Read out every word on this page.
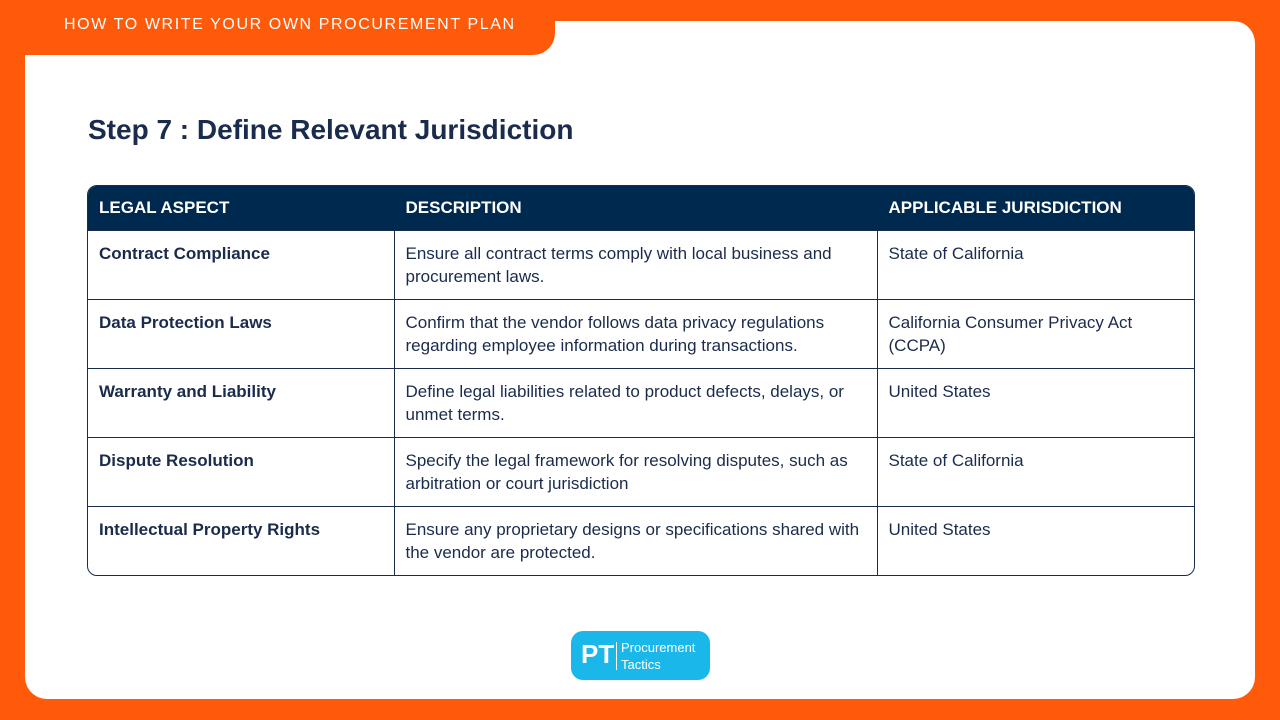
HOW TO WRITE YOUR OWN PROCUREMENT PLAN
Step 7 : Define Relevant Jurisdiction
LEGAL ASPECT	DESCRIPTION	APPLICABLE JURISDICTION
Contract Compliance	Ensure all contract terms comply with local business and procurement laws.	State of California
Data Protection Laws	Confirm that the vendor follows data privacy regulations regarding employee information during transactions.	California Consumer Privacy Act (CCPA)
Warranty and Liability	Define legal liabilities related to product defects, delays, or unmet terms.	United States
Dispute Resolution	Specify the legal framework for resolving disputes, such as arbitration or court jurisdiction	State of California
Intellectual Property Rights	Ensure any proprietary designs or specifications shared with the vendor are protected.	United States
PT Procurement
Tactics
